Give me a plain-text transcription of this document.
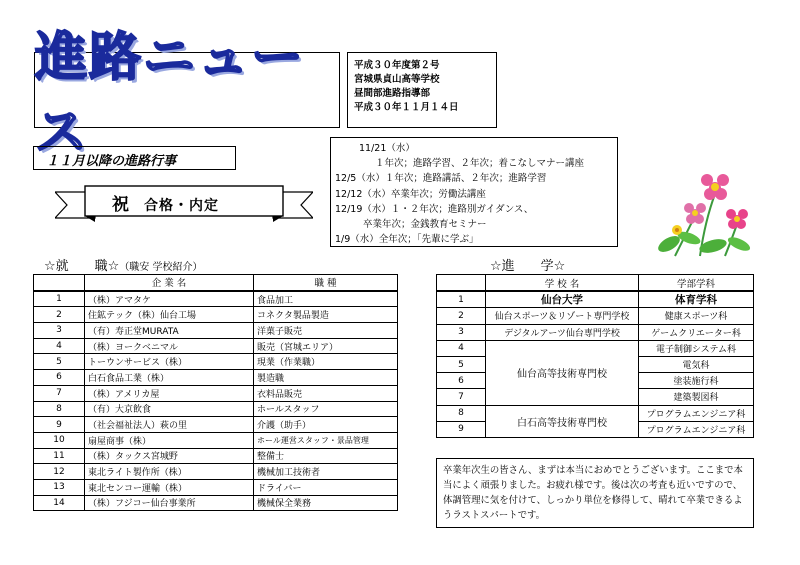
進路ニュース
平成３０年度第２号
宮城県貞山高等学校
昼間部進路指導部
平成３０年１１月１４日
１１月以降の進路行事
11/21（水）
１年次；進路学習、２年次；着こなしマナー講座
12/5（水）１年次；進路講話、２年次；進路学習
12/12（水）卒業年次；労働法講座
12/19（水）１・２年次；進路別ガイダンス、
卒業年次；金銭教育セミナー
1/9（水）全年次；「先輩に学ぶ」
祝 合格・内定
☆就　　職☆（職安 学校紹介）
	企 業 名	職 種
1	（株）アマタケ	食品加工
2	住鉱テック（株）仙台工場	コネクタ製品製造
3	（有）寿正堂MURATA	洋菓子販売
4	（株）ヨークベニマル	販売（宮城エリア）
5	トーウンサービス（株）	現業（作業職）
6	白石食品工業（株）	製造職
7	（株）アメリカ屋	衣料品販売
8	（有）大京飲食	ホールスタッフ
9	（社会福祉法人）萩の里	介護（助手）
10	扇屋商事（株）	ホール運営スタッフ・景品管理
11	（株）タックス宮城野	整備士
12	東北ライト製作所（株）	機械加工技術者
13	東北センコー運輸（株）	ドライバー
14	（株）フジコー仙台事業所	機械保全業務
☆進　　学☆
	学 校 名	学部学科
1	仙台大学	体育学科
2	仙台スポーツ＆リゾート専門学校	健康スポーツ科
3	デジタルアーツ仙台専門学校	ゲームクリエーター科
4	仙台高等技術専門校	電子制御システム科
5		電気科
6		塗装施行科
7		建築製図科
8	白石高等技術専門校	プログラムエンジニア科
9		プログラムエンジニア科
卒業年次生の皆さん、まずは本当におめでとうございます。ここまで本当によく頑張りました。お疲れ様です。後は次の考査も近いですので、体調管理に気を付けて、しっかり単位を修得して、晴れて卒業できるようラストスパートです。
